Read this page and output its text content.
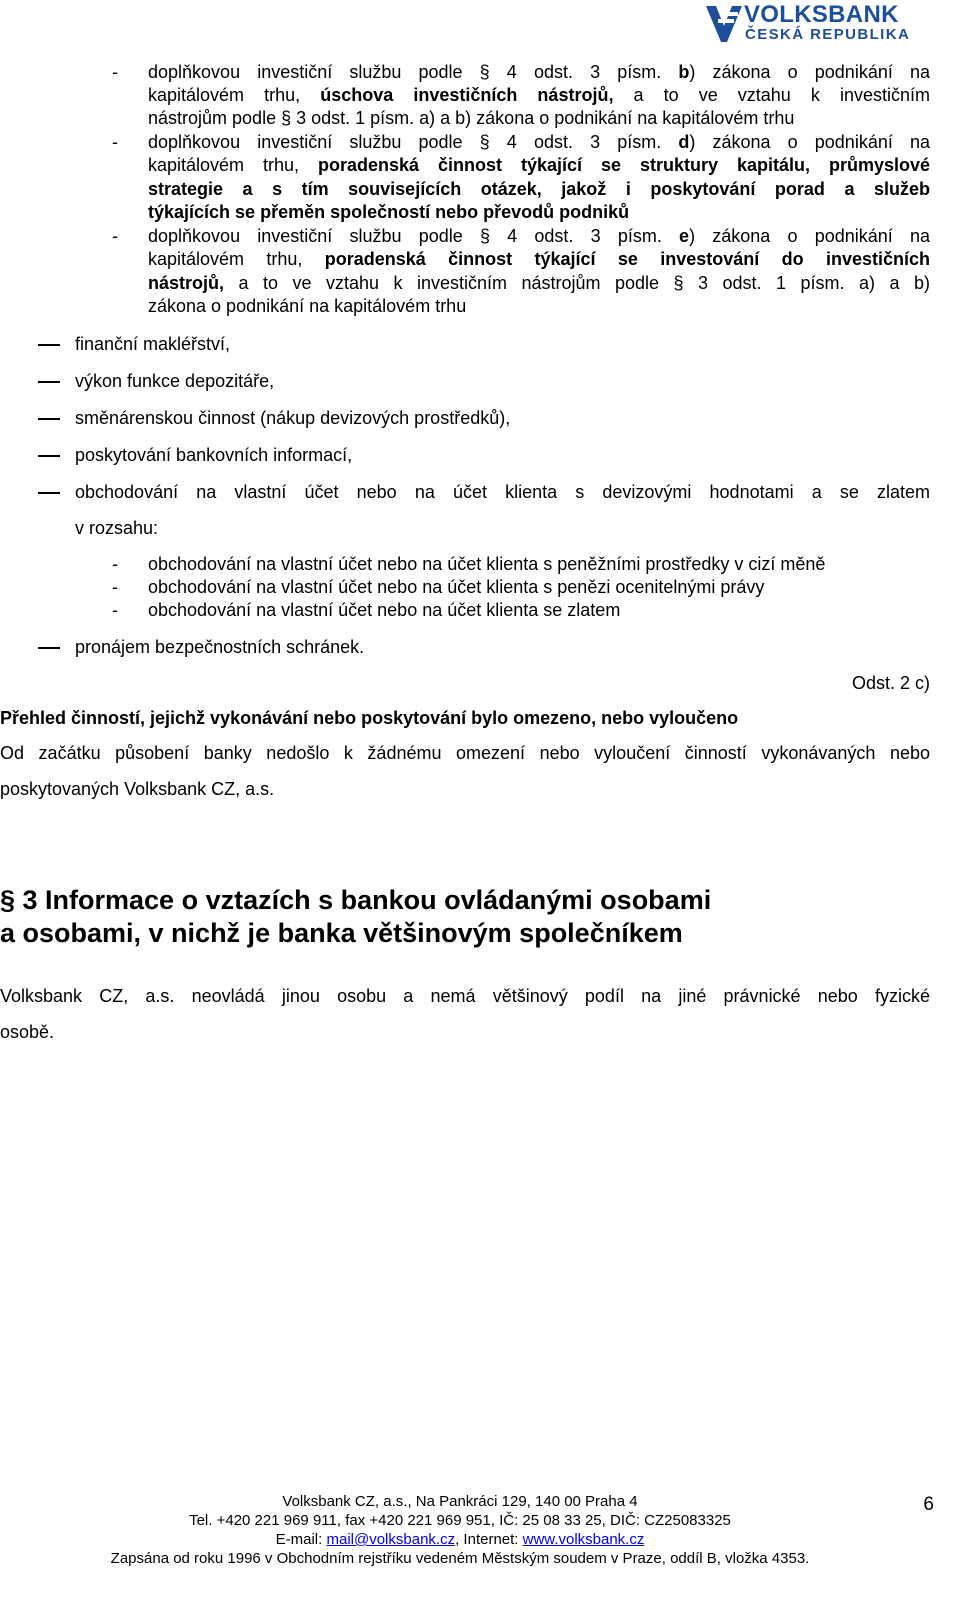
VOLKSBANK
ČESKÁ REPUBLIKA
- doplňkovou investiční službu podle § 4 odst. 3 písm. b) zákona o podnikání na
kapitálovém trhu, úschova investičních nástrojů, a to ve vztahu k investičním
nástrojům podle § 3 odst. 1 písm. a) a b) zákona o podnikání na kapitálovém trhu
- doplňkovou investiční službu podle § 4 odst. 3 písm. d) zákona o podnikání na
kapitálovém trhu, poradenská činnost týkající se struktury kapitálu, průmyslové
strategie a s tím souvisejících otázek, jakož i poskytování porad a služeb
týkajících se přeměn společností nebo převodů podniků
- doplňkovou investiční službu podle § 4 odst. 3 písm. e) zákona o podnikání na
kapitálovém trhu, poradenská činnost týkající se investování do investičních
nástrojů, a to ve vztahu k investičním nástrojům podle § 3 odst. 1 písm. a) a b)
zákona o podnikání na kapitálovém trhu
finanční makléřství,
výkon funkce depozitáře,
směnárenskou činnost (nákup devizových prostředků),
poskytování bankovních informací,
obchodování na vlastní účet nebo na účet klienta s devizovými hodnotami a se zlatem
v rozsahu:
- obchodování na vlastní účet nebo na účet klienta s peněžními prostředky v cizí měně
- obchodování na vlastní účet nebo na účet klienta s penězi ocenitelnými právy
- obchodování na vlastní účet nebo na účet klienta se zlatem
pronájem bezpečnostních schránek.
Odst. 2 c)
Přehled činností, jejichž vykonávání nebo poskytování bylo omezeno, nebo vyloučeno
Od začátku působení banky nedošlo k žádnému omezení nebo vyloučení činností vykonávaných nebo
poskytovaných Volksbank CZ, a.s.
§ 3 Informace o vztazích s bankou ovládanými osobami
a osobami, v nichž je banka většinovým společníkem
Volksbank CZ, a.s. neovládá jinou osobu a nemá většinový podíl na jiné právnické nebo fyzické
osobě.
Volksbank CZ, a.s., Na Pankráci 129, 140 00 Praha 4	6
Tel. +420 221 969 911, fax +420 221 969 951, IČ: 25 08 33 25, DIČ: CZ25083325
E-mail: mail@volksbank.cz, Internet: www.volksbank.cz
Zapsána od roku 1996 v Obchodním rejstříku vedeném Městským soudem v Praze, oddíl B, vložka 4353.
